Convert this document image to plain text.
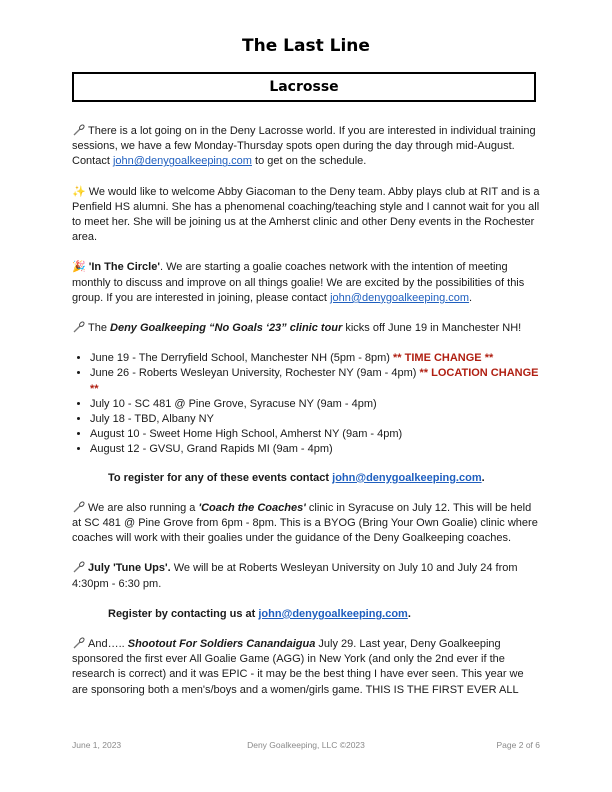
The Last Line
Lacrosse

There is a lot going on in the Deny Lacrosse world. If you are interested in individual training sessions, we have a few Monday-Thursday spots open during the day through mid-August. Contact john@denygoalkeeping.com to get on the schedule.

✨ We would like to welcome Abby Giacoman to the Deny team. Abby plays club at RIT and is a Penfield HS alumni. She has a phenomenal coaching/teaching style and I cannot wait for you all to meet her. She will be joining us at the Amherst clinic and other Deny events in the Rochester area.

🎉 'In The Circle'. We are starting a goalie coaches network with the intention of meeting monthly to discuss and improve on all things goalie! We are excited by the possibilities of this group. If you are interested in joining, please contact john@denygoalkeeping.com.

The Deny Goalkeeping “No Goals ‘23” clinic tour kicks off June 19 in Manchester NH!

• June 19 - The Derryfield School, Manchester NH (5pm - 8pm) ** TIME CHANGE **
• June 26 - Roberts Wesleyan University, Rochester NY (9am - 4pm) ** LOCATION CHANGE **
• July 10 - SC 481 @ Pine Grove, Syracuse NY (9am - 4pm)
• July 18 - TBD, Albany NY
• August 10 - Sweet Home High School, Amherst NY (9am - 4pm)
• August 12 - GVSU, Grand Rapids MI (9am - 4pm)

To register for any of these events contact john@denygoalkeeping.com.

We are also running a 'Coach the Coaches' clinic in Syracuse on July 12. This will be held at SC 481 @ Pine Grove from 6pm - 8pm. This is a BYOG (Bring Your Own Goalie) clinic where coaches will work with their goalies under the guidance of the Deny Goalkeeping coaches.

July 'Tune Ups'. We will be at Roberts Wesleyan University on July 10 and July 24 from 4:30pm - 6:30 pm.

Register by contacting us at john@denygoalkeeping.com.

And….. Shootout For Soldiers Canandaigua July 29. Last year, Deny Goalkeeping sponsored the first ever All Goalie Game (AGG) in New York (and only the 2nd ever if the research is correct) and it was EPIC - it may be the best thing I have ever seen. This year we are sponsoring both a men's/boys and a women/girls game. THIS IS THE FIRST EVER ALL

June 1, 2023	Deny Goalkeeping, LLC ©2023	Page 2 of 6
